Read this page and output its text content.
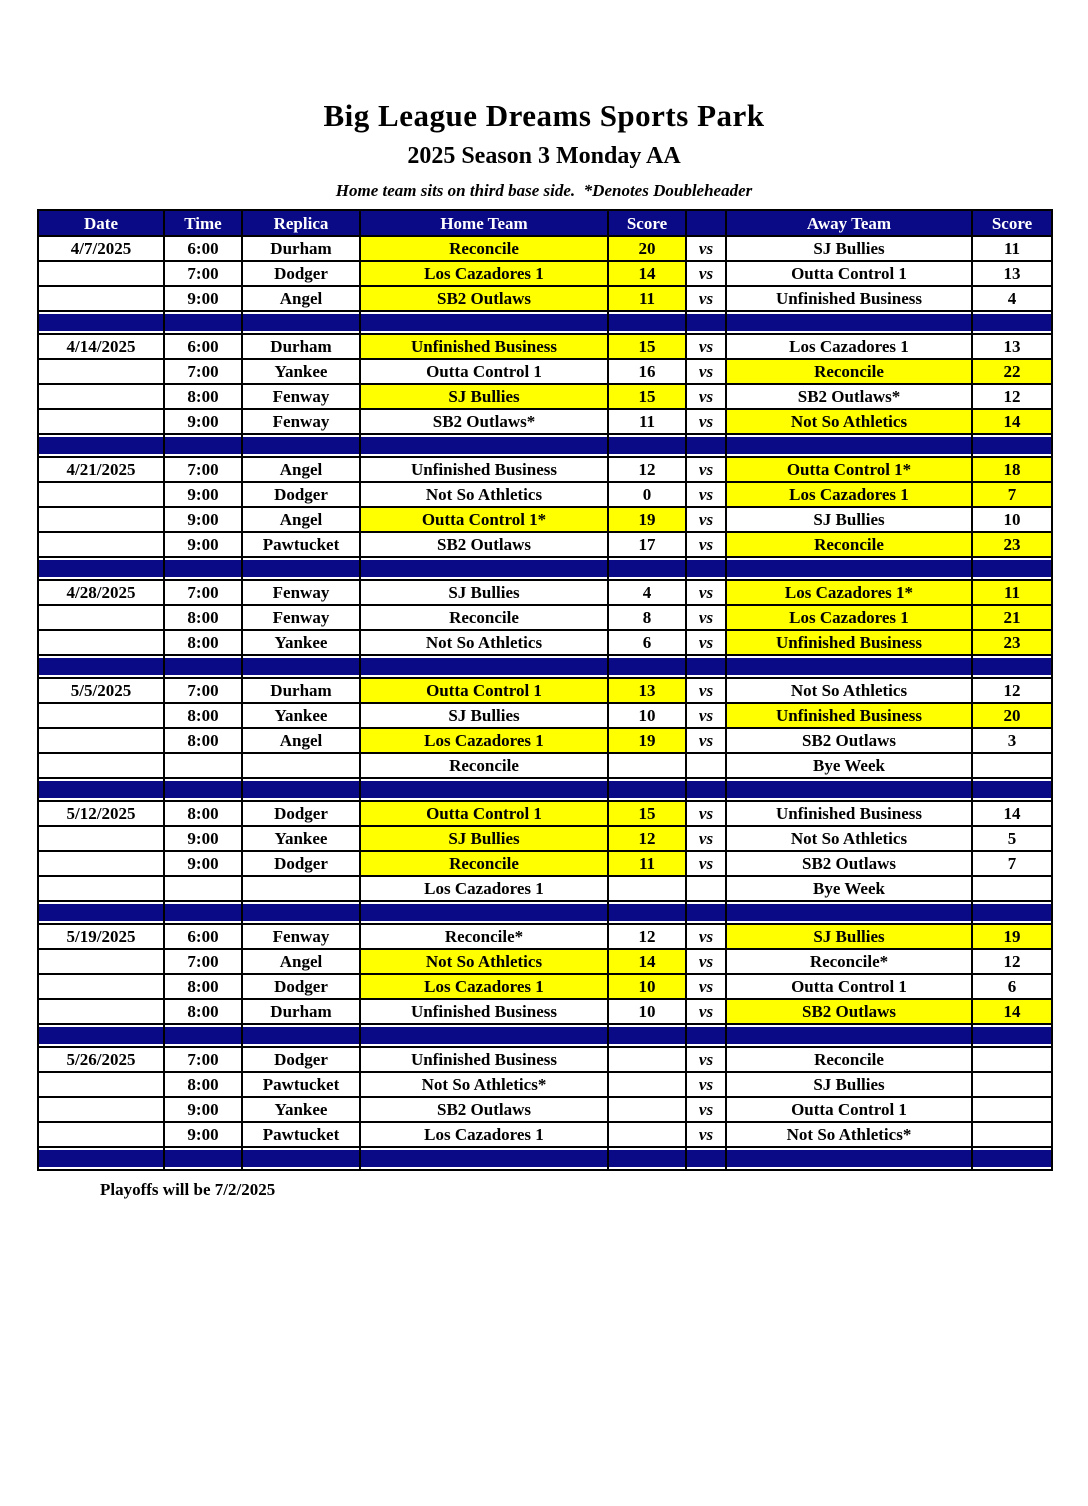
Big League Dreams Sports Park
2025 Season 3 Monday AA
Home team sits on third base side.  *Denotes Doubleheader
Date	Time	Replica	Home Team	Score		Away Team	Score
4/7/2025	6:00	Durham	Reconcile	20	vs	SJ Bullies	11
	7:00	Dodger	Los Cazadores 1	14	vs	Outta Control 1	13
	9:00	Angel	SB2 Outlaws	11	vs	Unfinished Business	4

4/14/2025	6:00	Durham	Unfinished Business	15	vs	Los Cazadores 1	13
	7:00	Yankee	Outta Control 1	16	vs	Reconcile	22
	8:00	Fenway	SJ Bullies	15	vs	SB2 Outlaws*	12
	9:00	Fenway	SB2 Outlaws*	11	vs	Not So Athletics	14

4/21/2025	7:00	Angel	Unfinished Business	12	vs	Outta Control 1*	18
	9:00	Dodger	Not So Athletics	0	vs	Los Cazadores 1	7
	9:00	Angel	Outta Control 1*	19	vs	SJ Bullies	10
	9:00	Pawtucket	SB2 Outlaws	17	vs	Reconcile	23

4/28/2025	7:00	Fenway	SJ Bullies	4	vs	Los Cazadores 1*	11
	8:00	Fenway	Reconcile	8	vs	Los Cazadores 1	21
	8:00	Yankee	Not So Athletics	6	vs	Unfinished Business	23

5/5/2025	7:00	Durham	Outta Control 1	13	vs	Not So Athletics	12
	8:00	Yankee	SJ Bullies	10	vs	Unfinished Business	20
	8:00	Angel	Los Cazadores 1	19	vs	SB2 Outlaws	3
			Reconcile			Bye Week	

5/12/2025	8:00	Dodger	Outta Control 1	15	vs	Unfinished Business	14
	9:00	Yankee	SJ Bullies	12	vs	Not So Athletics	5
	9:00	Dodger	Reconcile	11	vs	SB2 Outlaws	7
			Los Cazadores 1			Bye Week	

5/19/2025	6:00	Fenway	Reconcile*	12	vs	SJ Bullies	19
	7:00	Angel	Not So Athletics	14	vs	Reconcile*	12
	8:00	Dodger	Los Cazadores 1	10	vs	Outta Control 1	6
	8:00	Durham	Unfinished Business	10	vs	SB2 Outlaws	14

5/26/2025	7:00	Dodger	Unfinished Business		vs	Reconcile	
	8:00	Pawtucket	Not So Athletics*		vs	SJ Bullies	
	9:00	Yankee	SB2 Outlaws		vs	Outta Control 1	
	9:00	Pawtucket	Los Cazadores 1		vs	Not So Athletics*	

Playoffs will be 7/2/2025
